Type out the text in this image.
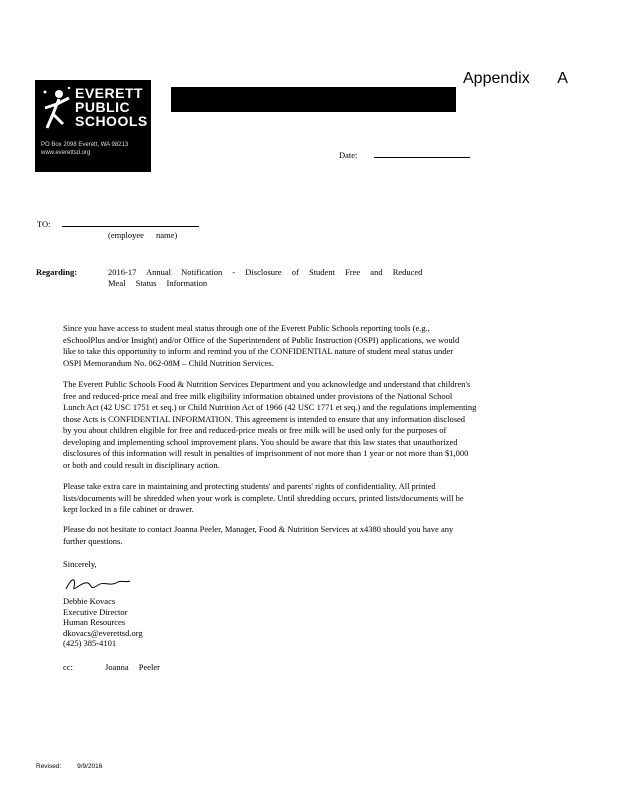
EVERETT
PUBLIC
SCHOOLS
PO Box 2098 Everett, WA 98213
www.everettsd.org
Appendix A
Date:
TO:
(employee name)
Regarding:	2016-17 Annual Notification - Disclosure of Student Free and Reduced
Meal Status Information
Since you have access to student meal status through one of the Everett Public Schools reporting tools (e.g.,
eSchoolPlus and/or Insight) and/or Office of the Superintendent of Public Instruction (OSPI) applications, we would
like to take this opportunity to inform and remind you of the CONFIDENTIAL nature of student meal status under
OSPI Memorandum No. 062-08M – Child Nutrition Services.
The Everett Public Schools Food & Nutrition Services Department and you acknowledge and understand that children's
free and reduced-price meal and free milk eligibility information obtained under provisions of the National School
Lunch Act (42 USC 1751 et seq.) or Child Nutrition Act of 1966 (42 USC 1771 et seq.) and the regulations implementing
those Acts is CONFIDENTIAL INFORMATION. This agreement is intended to ensure that any information disclosed
by you about children eligible for free and reduced-price meals or free milk will be used only for the purposes of
developing and implementing school improvement plans. You should be aware that this law states that unauthorized
disclosures of this information will result in penalties of imprisonment of not more than 1 year or not more than $1,000
or both and could result in disciplinary action.
Please take extra care in maintaining and protecting students' and parents' rights of confidentiality. All printed
lists/documents will be shredded when your work is complete. Until shredding occurs, printed lists/documents will be
kept locked in a file cabinet or drawer.
Please do not hesitate to contact Joanna Peeler, Manager, Food & Nutrition Services at x4380 should you have any
further questions.
Sincerely,
Debbie Kovacs
Executive Director
Human Resources
dkovacs@everettsd.org
(425) 385-4101
cc:	Joanna Peeler
Revised: 9/9/2016
